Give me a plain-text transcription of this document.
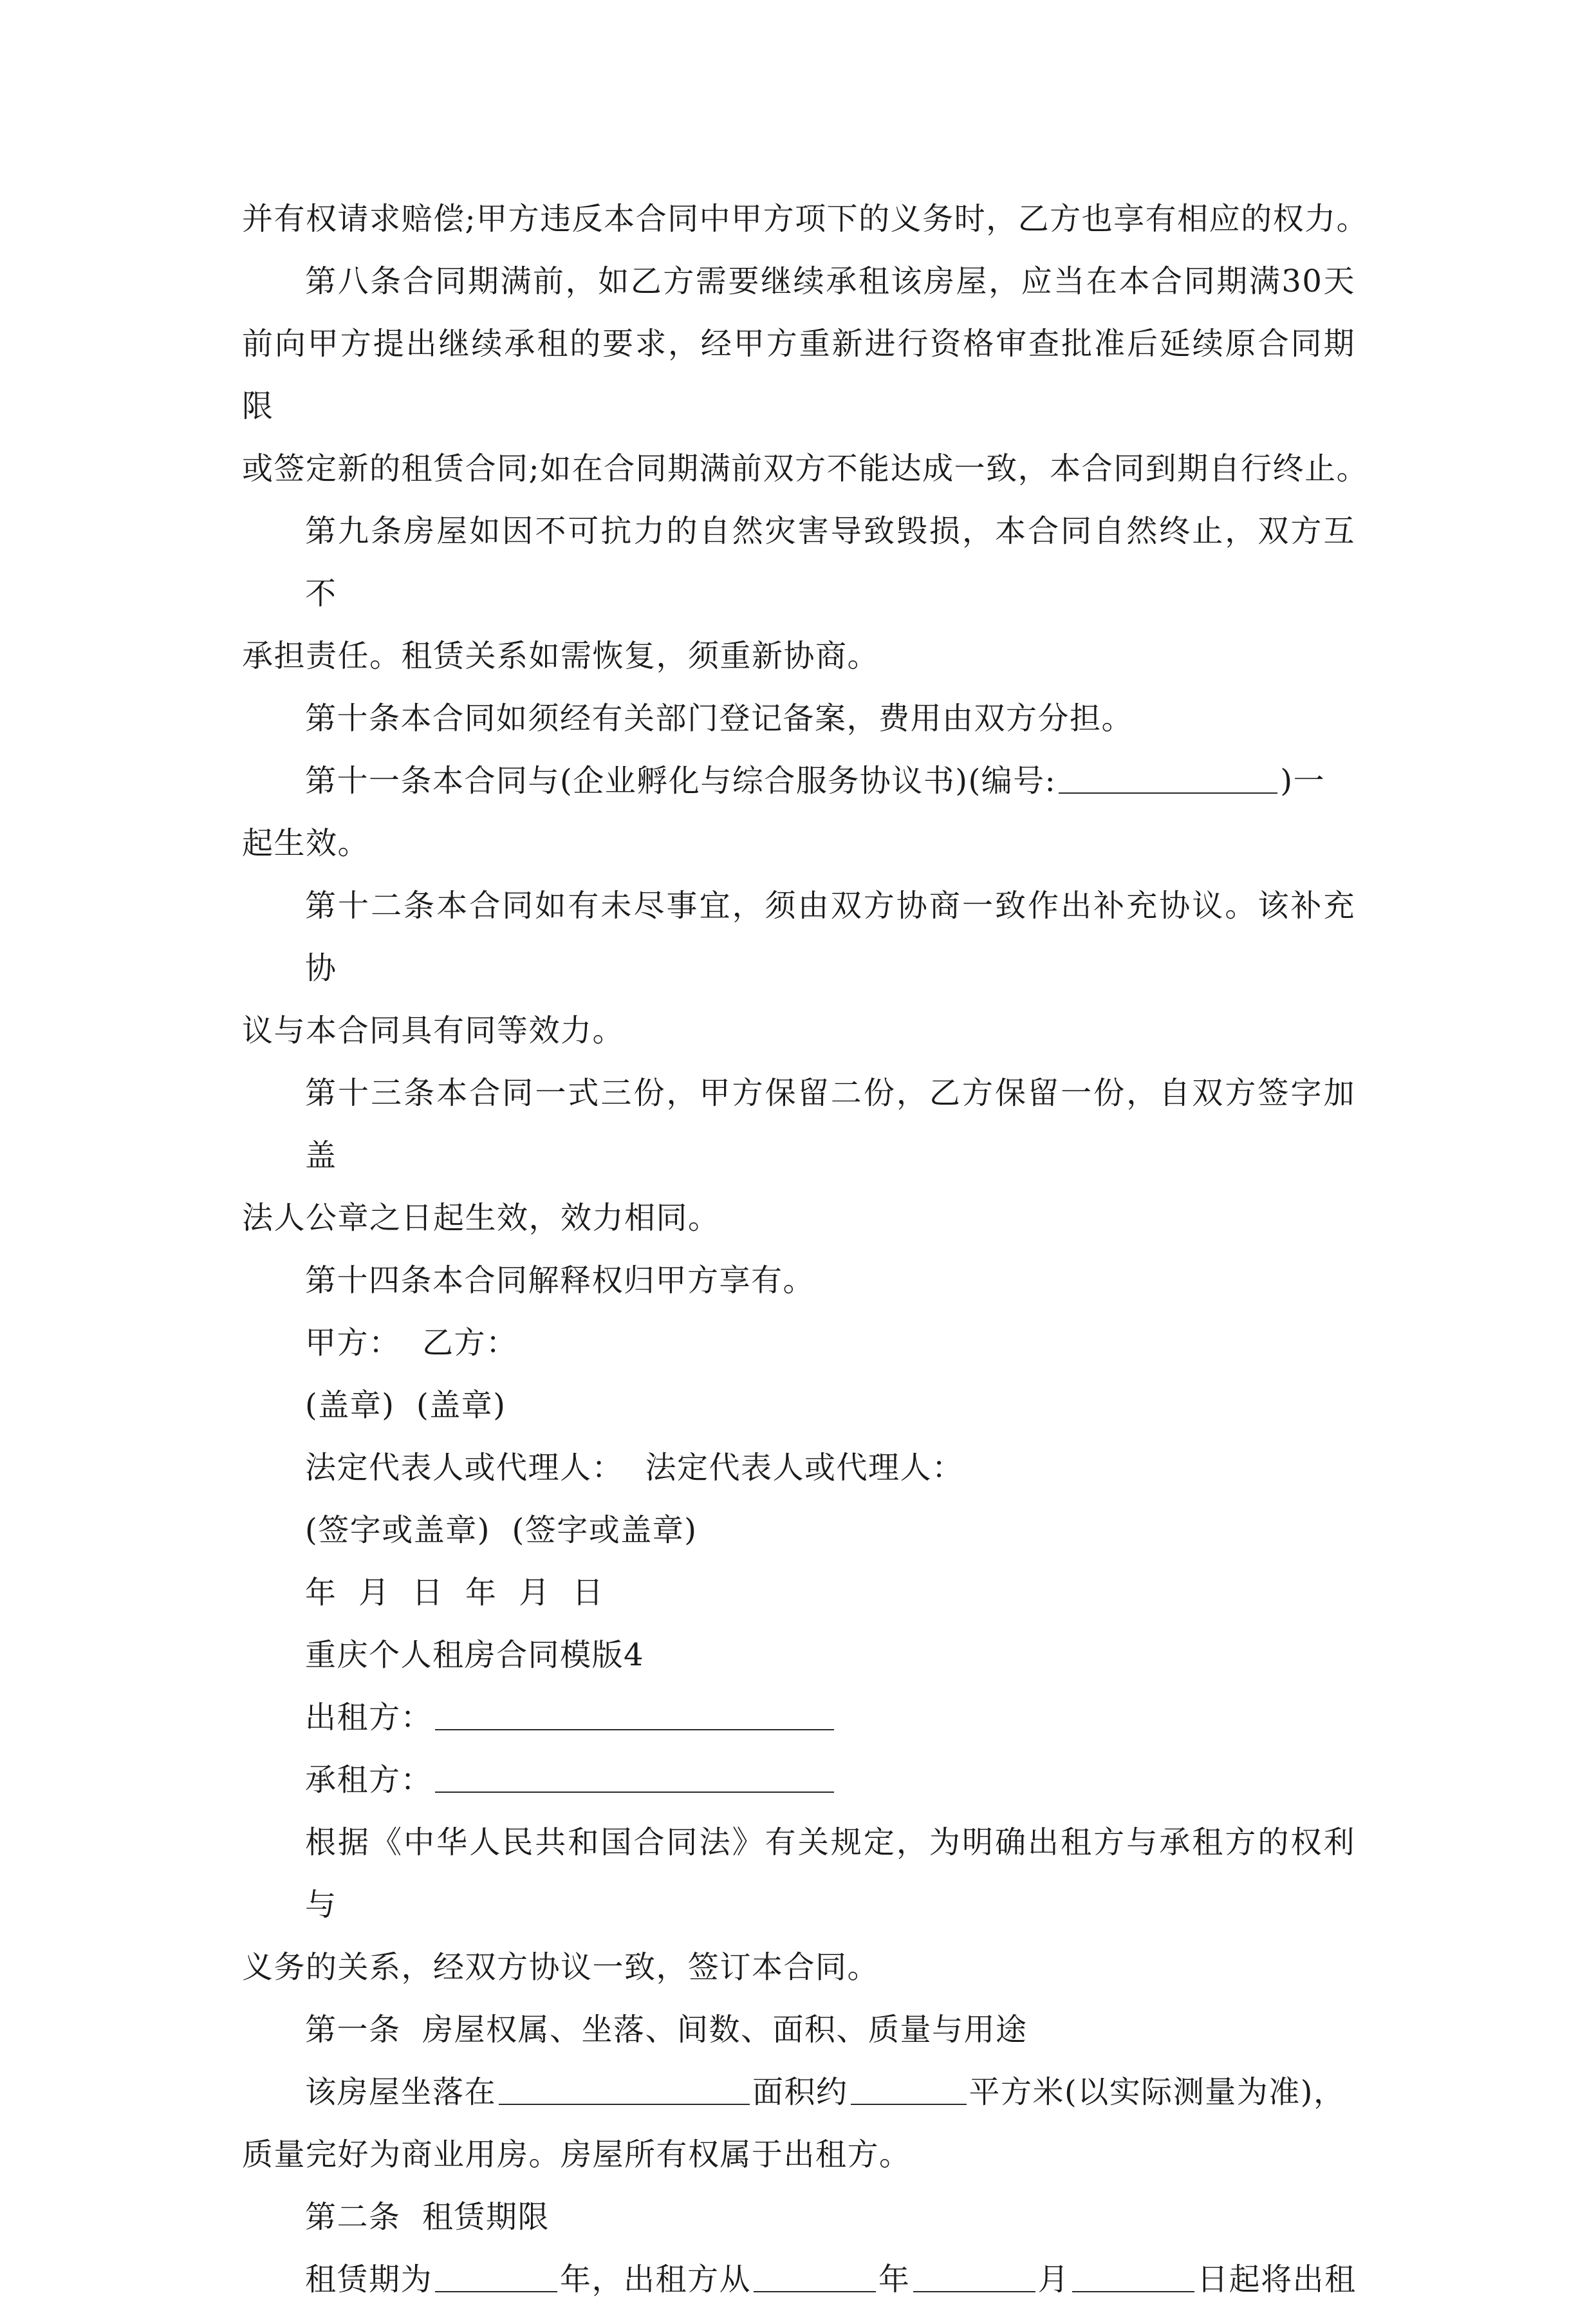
并有权请求赔偿;甲方违反本合同中甲方项下的义务时，乙方也享有相应的权力。

第八条合同期满前，如乙方需要继续承租该房屋，应当在本合同期满30天

前向甲方提出继续承租的要求，经甲方重新进行资格审查批准后延续原合同期限

或签定新的租赁合同;如在合同期满前双方不能达成一致，本合同到期自行终止。

第九条房屋如因不可抗力的自然灾害导致毁损，本合同自然终止，双方互不

承担责任。租赁关系如需恢复，须重新协商。

第十条本合同如须经有关部门登记备案，费用由双方分担。

第十一条本合同与(企业孵化与综合服务协议书)(编号:	)一

起生效。

第十二条本合同如有未尽事宜，须由双方协商一致作出补充协议。该补充协

议与本合同具有同等效力。

第十三条本合同一式三份，甲方保留二份，乙方保留一份，自双方签字加盖

法人公章之日起生效，效力相同。

第十四条本合同解释权归甲方享有。

甲方：  乙方：

(盖章)  (盖章)

法定代表人或代理人：  法定代表人或代理人：

(签字或盖章)  (签字或盖章)

年  月  日  年  月  日

重庆个人租房合同模版4

出租方：

承租方：

根据《中华人民共和国合同法》有关规定，为明确出租方与承租方的权利与

义务的关系，经双方协议一致，签订本合同。

第一条  房屋权属、坐落、间数、面积、质量与用途

该房屋坐落在	面积约	平方米(以实际测量为准)，

质量完好为商业用房。房屋所有权属于出租方。

第二条  租赁期限

租赁期为	年，出租方从	年	月	日起将出租
